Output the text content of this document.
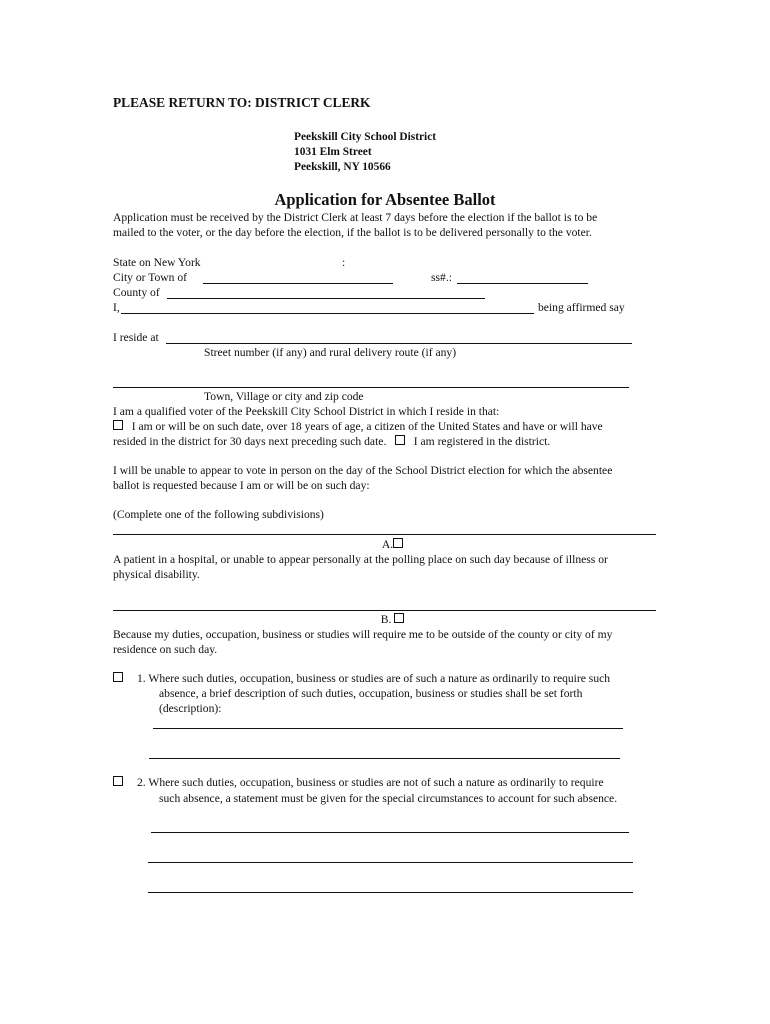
PLEASE RETURN TO: DISTRICT CLERK
Peekskill City School District
1031 Elm Street
Peekskill, NY 10566
Application for Absentee Ballot
Application must be received by the District Clerk at least 7 days before the election if the ballot is to be
mailed to the voter, or the day before the election, if the ballot is to be delivered personally to the voter.
State on New York	:
City or Town of	ss#.:
County of
I,	being affirmed say
I reside at
Street number (if any) and rural delivery route (if any)
Town, Village or city and zip code
I am a qualified voter of the Peekskill City School District in which I reside in that:
I am or will be on such date, over 18 years of age, a citizen of the United States and have or will have
resided in the district for 30 days next preceding such date. I am registered in the district.
I will be unable to appear to vote in person on the day of the School District election for which the absentee
ballot is requested because I am or will be on such day:
(Complete one of the following subdivisions)
A.
A patient in a hospital, or unable to appear personally at the polling place on such day because of illness or
physical disability.
B.
Because my duties, occupation, business or studies will require me to be outside of the county or city of my
residence on such day.
1. Where such duties, occupation, business or studies are of such a nature as ordinarily to require such
absence, a brief description of such duties, occupation, business or studies shall be set forth
(description):
2. Where such duties, occupation, business or studies are not of such a nature as ordinarily to require
such absence, a statement must be given for the special circumstances to account for such absence.
